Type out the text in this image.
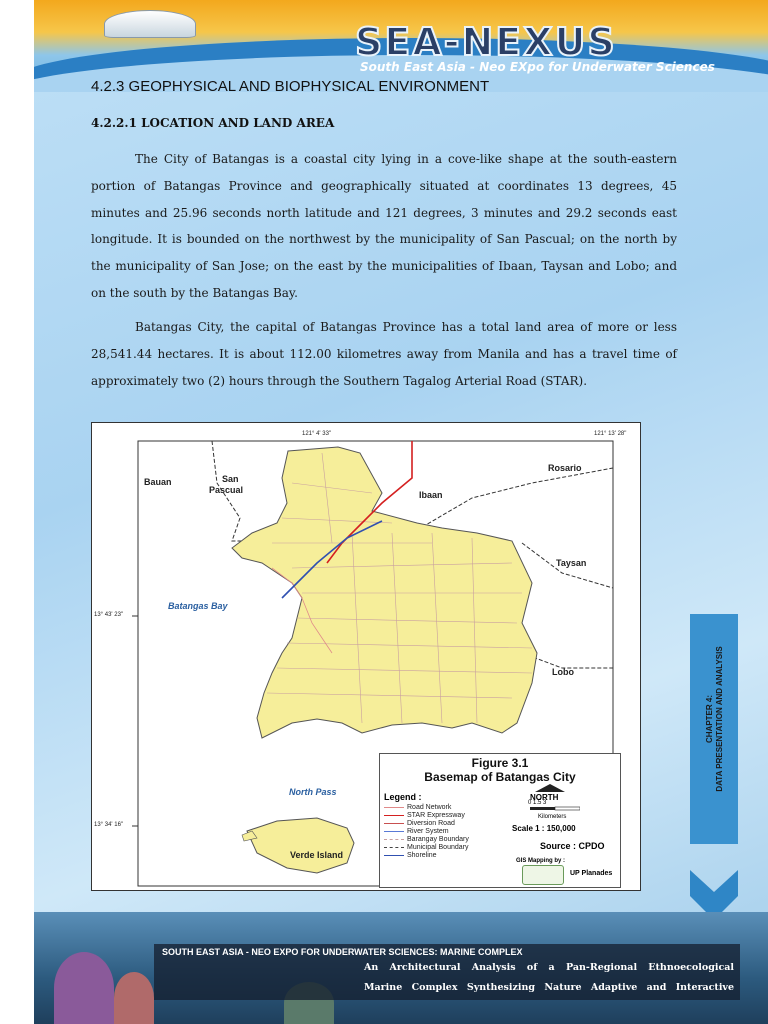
SEA-NEXUS
South East Asia - Neo EXpo for Underwater Sciences
4.2.3 GEOPHYSICAL AND BIOPHYSICAL ENVIRONMENT
4.2.2.1 LOCATION AND LAND AREA
The City of Batangas is a coastal city lying in a cove-like shape at the south-eastern portion of Batangas Province and geographically situated at coordinates 13 degrees, 45 minutes and 25.96 seconds north latitude and 121 degrees, 3 minutes and 29.2 seconds east longitude. It is bounded on the northwest by the municipality of San Pascual; on the north by the municipality of San Jose; on the east by the municipalities of Ibaan, Taysan and Lobo; and on the south by the Batangas Bay.
Batangas City, the capital of Batangas Province has a total land area of more or less 28,541.44 hectares. It is about 112.00 kilometres away from Manila and has a travel time of approximately two (2) hours through the Southern Tagalog Arterial Road (STAR).
121° 4' 33"	121° 13' 28"
13° 43' 23"
13° 34' 16"
Bauan	San
Pascual	Ibaan
Rosario
Taysan
Lobo
Batangas Bay
North Pass
Verde Island
Figure 3.1
Basemap of Batangas City
Legend :
Road Network
STAR Expressway
Diversion Road
River System
Barangay Boundary
Municipal Boundary
Shoreline
NORTH
0 1.5 3
Kilometers
Scale 1 : 150,000
Source : CPDO
GIS Mapping by :
UP Planades
CHAPTER 4: DATA PRESENTATION AND ANALYSIS
SOUTH EAST ASIA - NEO EXPO FOR UNDERWATER SCIENCES: MARINE COMPLEX
An Architectural Analysis of a Pan-Regional Ethnoecological
Marine Complex Synthesizing Nature Adaptive and Interactive
